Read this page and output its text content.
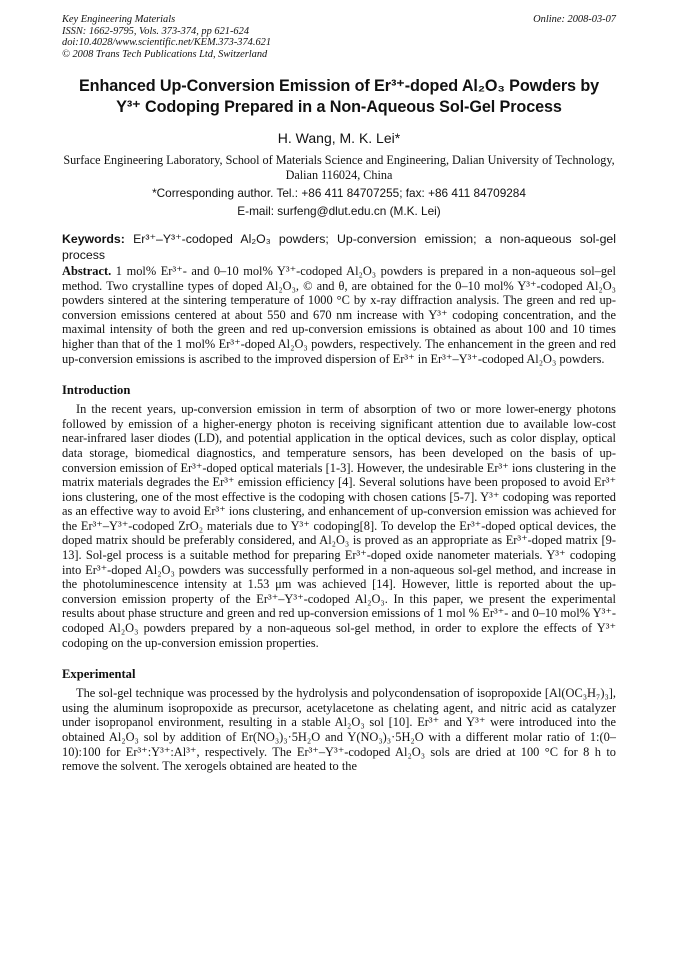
Key Engineering Materials	Online: 2008-03-07
ISSN: 1662-9795, Vols. 373-374, pp 621-624
doi:10.4028/www.scientific.net/KEM.373-374.621
© 2008 Trans Tech Publications Ltd, Switzerland
Enhanced Up-Conversion Emission of Er³⁺-doped Al₂O₃ Powders by
Y³⁺ Codoping Prepared in a Non-Aqueous Sol-Gel Process
H. Wang, M. K. Lei*
Surface Engineering Laboratory, School of Materials Science and Engineering, Dalian University of Technology, Dalian 116024, China
*Corresponding author. Tel.: +86 411 84707255; fax: +86 411 84709284
E-mail: surfeng@dlut.edu.cn (M.K. Lei)
Keywords: Er³⁺–Y³⁺-codoped Al₂O₃ powders; Up-conversion emission; a non-aqueous sol-gel process

Abstract. 1 mol% Er³⁺- and 0–10 mol% Y³⁺-codoped Al₂O₃ powders is prepared in a non-aqueous sol–gel method. Two crystalline types of doped Al₂O₃, © and θ, are obtained for the 0–10 mol% Y³⁺-codoped Al₂O₃ powders sintered at the sintering temperature of 1000 °C by x-ray diffraction analysis. The green and red up-conversion emissions centered at about 550 and 670 nm increase with Y³⁺ codoping concentration, and the maximal intensity of both the green and red up-conversion emissions is obtained as about 100 and 10 times higher than that of the 1 mol% Er³⁺-doped Al₂O₃ powders, respectively. The enhancement in the green and red up-conversion emissions is ascribed to the improved dispersion of Er³⁺ in Er³⁺–Y³⁺-codoped Al₂O₃ powders.

Introduction

In the recent years, up-conversion emission in term of absorption of two or more lower-energy photons followed by emission of a higher-energy photon is receiving significant attention due to available low-cost near-infrared laser diodes (LD), and potential application in the optical devices, such as color display, optical data storage, biomedical diagnostics, and temperature sensors, has been developed on the basis of up-conversion emission of Er³⁺-doped optical materials [1-3]. However, the undesirable Er³⁺ ions clustering in the matrix materials degrades the Er³⁺ emission efficiency [4]. Several solutions have been proposed to avoid Er³⁺ ions clustering, one of the most effective is the codoping with chosen cations [5-7]. Y³⁺ codoping was reported as an effective way to avoid Er³⁺ ions clustering, and enhancement of up-conversion emission was achieved for the Er³⁺–Y³⁺-codoped ZrO₂ materials due to Y³⁺ codoping[8]. To develop the Er³⁺-doped optical devices, the doped matrix should be preferably considered, and Al₂O₃ is proved as an appropriate as Er³⁺-doped matrix [9-13]. Sol-gel process is a suitable method for preparing Er³⁺-doped oxide nanometer materials. Y³⁺ codoping into Er³⁺-doped Al₂O₃ powders was successfully performed in a non-aqueous sol-gel method, and increase in the photoluminescence intensity at 1.53 μm was achieved [14]. However, little is reported about the up-conversion emission property of the Er³⁺–Y³⁺-codoped Al₂O₃. In this paper, we present the experimental results about phase structure and green and red up-conversion emissions of 1 mol % Er³⁺- and 0–10 mol% Y³⁺-codoped Al₂O₃ powders prepared by a non-aqueous sol-gel method, in order to explore the effects of Y³⁺ codoping on the up-conversion emission properties.

Experimental

The sol-gel technique was processed by the hydrolysis and polycondensation of isopropoxide [Al(OC₃H₇)₃], using the aluminum isopropoxide as precursor, acetylacetone as chelating agent, and nitric acid as catalyzer under isopropanol environment, resulting in a stable Al₂O₃ sol [10]. Er³⁺ and Y³⁺ were introduced into the obtained Al₂O₃ sol by addition of Er(NO₃)₃·5H₂O and Y(NO₃)₃·5H₂O with a different molar ratio of 1:(0–10):100 for Er³⁺:Y³⁺:Al³⁺, respectively. The Er³⁺–Y³⁺-codoped Al₂O₃ sols are dried at 100 °C for 8 h to remove the solvent. The xerogels obtained are heated to the
